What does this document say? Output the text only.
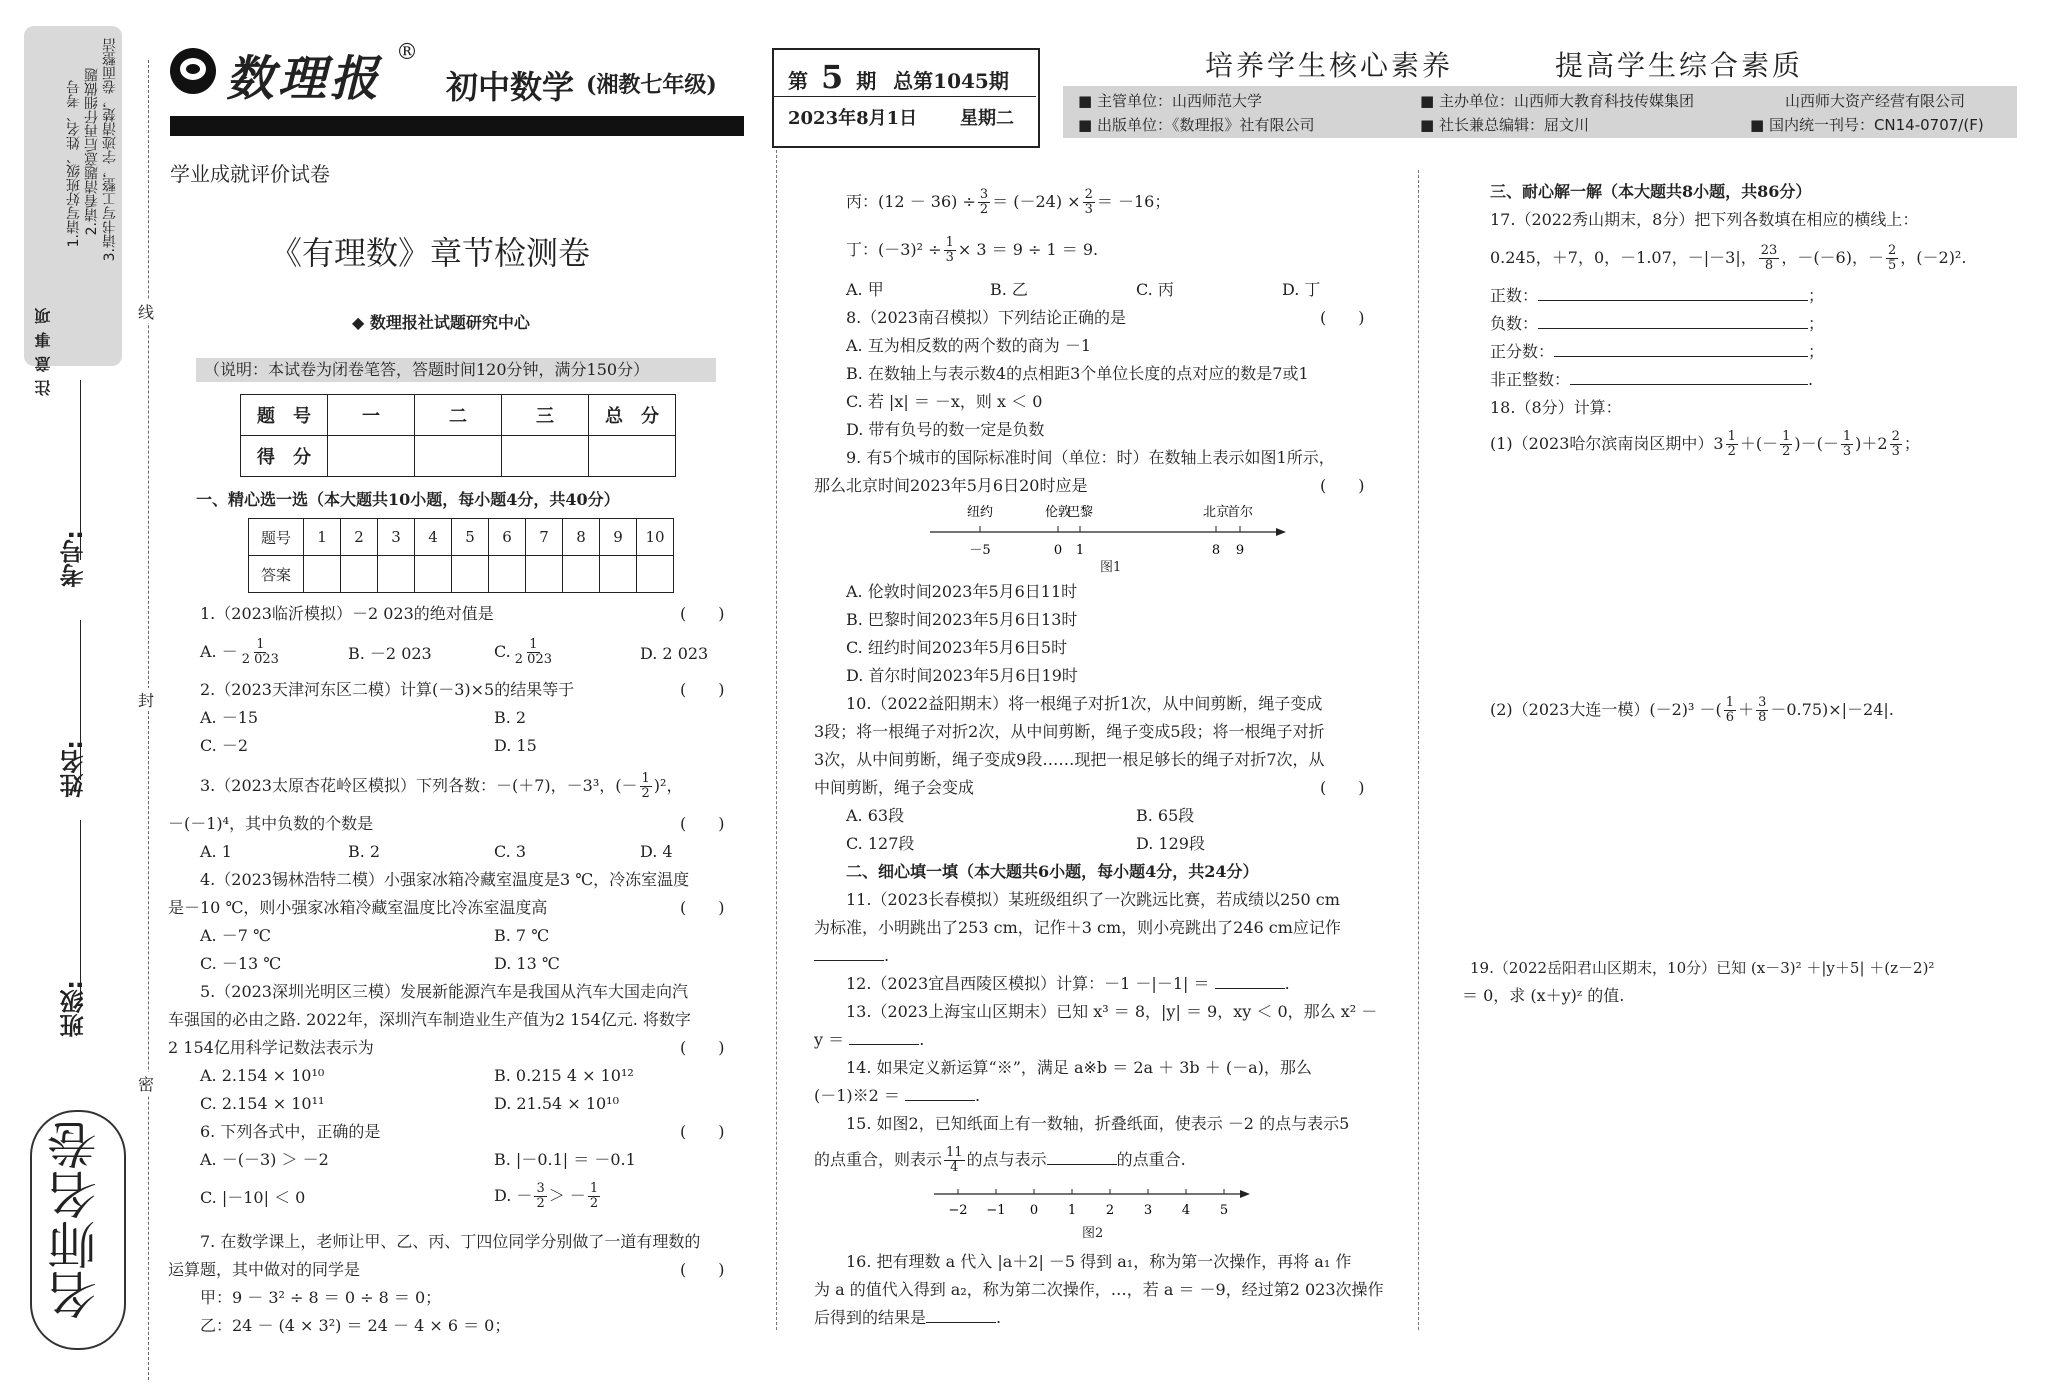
注意事项
1.请写好班级、姓名、考号 2.请看清题意后再仔细做题 3.请书写工整，字迹清楚，卷面整洁
考号:
姓名:
班级:
线
封
密
名师名卷
数理报 ®
初中数学 (湘教七年级)	第 5 期 总第1045期
2023年8月1日 星期二
培养学生核心素养	提高学生综合素质
■ 主管单位：山西师范大学	■ 主办单位：山西师大教育科技传媒集团	山西师大资产经营有限公司
■ 出版单位：《数理报》社有限公司	■ 社长兼总编辑：屈文川	■ 国内统一刊号：CN14-0707/(F)
学业成就评价试卷
《有理数》章节检测卷
◆ 数理报社试题研究中心
（说明：本试卷为闭卷笔答，答题时间120分钟，满分150分）
题　号	一	二	三	总　分
得　分				
一、精心选一选（本大题共10小题，每小题4分，共40分）
题号	1	2	3	4	5	6	7	8	9	10
答案										
1.（2023临沂模拟）－2 023的绝对值是	(　　)
A. － $\frac{1}{2 023}$	B. －2 023	C. $\frac{1}{2 023}$	D. 2 023
2.（2023天津河东区二模）计算(－3)×5的结果等于	(　　)
A. －15	B. 2
C. －2	D. 15
3.（2023太原杏花岭区模拟）下列各数：－(＋7)，－3³，(－ $\frac{1}{2} )^2$，
－(－1)⁴，其中负数的个数是	(　　)
A. 1	B. 2	C. 3	D. 4
4.（2023锡林浩特二模）小强家冰箱冷藏室温度是3 ℃，冷冻室温度
是－10 ℃，则小强家冰箱冷藏室温度比冷冻室温度高	(　　)
A. －7 ℃	B. 7 ℃
C. －13 ℃	D. 13 ℃
5.（2023深圳光明区三模）发展新能源汽车是我国从汽车大国走向汽
车强国的必由之路. 2022年，深圳汽车制造业生产值为2 154亿元. 将数字
2 154亿用科学记数法表示为	(　　)
A. 2.154 × 10¹⁰	B. 0.215 4 × 10¹²
C. 2.154 × 10¹¹	D. 21.54 × 10¹⁰
6. 下列各式中，正确的是	(　　)
A. －(－3) ＞ －2	B. |－0.1| ＝ －0.1
C. |－10| ＜ 0	D. － $\frac{3}{2}$ ＞ － $\frac{1}{2}$
7. 在数学课上，老师让甲、乙、丙、丁四位同学分别做了一道有理数的
运算题，其中做对的同学是	(　　)
甲：9 － 3² ÷ 8 ＝ 0 ÷ 8 ＝ 0；
乙：24 － (4 × 3²) ＝ 24 － 4 × 6 ＝ 0；
丙：$(12 - 36) \div \frac{3}{2} = (-24) \times \frac{2}{3} = -16$；
丁：$(-3)^2 \div \frac{1}{3} \times 3 = 9 \div 1 = 9$.
A. 甲	B. 乙	C. 丙	D. 丁
8.（2023南召模拟）下列结论正确的是	(　　)
A. 互为相反数的两个数的商为 －1
B. 在数轴上与表示数4的点相距3个单位长度的点对应的数是7或1
C. 若 |x| ＝ －x，则 x ＜ 0
D. 带有负号的数一定是负数
9. 有5个城市的国际标准时间（单位：时）在数轴上表示如图1所示，
那么北京时间2023年5月6日20时应是	(　　)
－5
纽约
0
伦敦
1
巴黎
8
北京
9
首尔
图1
A. 伦敦时间2023年5月6日11时
B. 巴黎时间2023年5月6日13时
C. 纽约时间2023年5月6日5时
D. 首尔时间2023年5月6日19时
10.（2022益阳期末）将一根绳子对折1次，从中间剪断，绳子变成
3段；将一根绳子对折2次，从中间剪断，绳子变成5段；将一根绳子对折
3次，从中间剪断，绳子变成9段……现把一根足够长的绳子对折7次，从
中间剪断，绳子会变成	(　　)
A. 63段	B. 65段
C. 127段	D. 129段
二、细心填一填（本大题共6小题，每小题4分，共24分）
11.（2023长春模拟）某班级组织了一次跳远比赛，若成绩以250 cm
为标准，小明跳出了253 cm，记作＋3 cm，则小亮跳出了246 cm应记作
.
12.（2023宜昌西陵区模拟）计算：－1 －|－1| ＝	.
13.（2023上海宝山区期末）已知 x³ ＝ 8，|y| ＝ 9，xy ＜ 0，那么 x² －
y ＝	.
14. 如果定义新运算“※”，满足 a※b ＝ 2a ＋ 3b ＋ (－a)，那么
(－1)※2 ＝	.
15. 如图2，已知纸面上有一数轴，折叠纸面，使表示 －2 的点与表示5
的点重合，则表示 $\frac{11}{4}$ 的点与表示	的点重合.
−2 −1 0 1 2 3 4 5
图2
16. 把有理数 a 代入 |a＋2| －5 得到 a₁，称为第一次操作，再将 a₁ 作
为 a 的值代入得到 a₂，称为第二次操作，…，若 a ＝ －9，经过第2 023次操作
后得到的结果是	.
三、耐心解一解（本大题共8小题，共86分）
17.（2022秀山期末，8分）把下列各数填在相应的横线上：
0.245，＋7，0，－1.07，－|－3|， $\frac{23}{8}$ ，－(－6)，－ $\frac{2}{5}$ ，(－2)².
正数：	；
负数：	；
正分数：	；
非正整数：	.
18.（8分）计算：
(1)（2023哈尔滨南岗区期中）$3 \frac{1}{2}$ ＋(－ $\frac{1}{2}$ )－(－ $\frac{1}{3} )+2 \frac{2}{3}$ ；
(2)（2023大连一模）(－2)³ －( $\frac{1}{6} + \frac{3}{8} -0.75)\times|-24|$.
19.（2022岳阳君山区期末，10分）已知 (x－3)² ＋|y＋5| ＋(z－2)²
＝ 0，求 (x＋y)ᶻ 的值.
